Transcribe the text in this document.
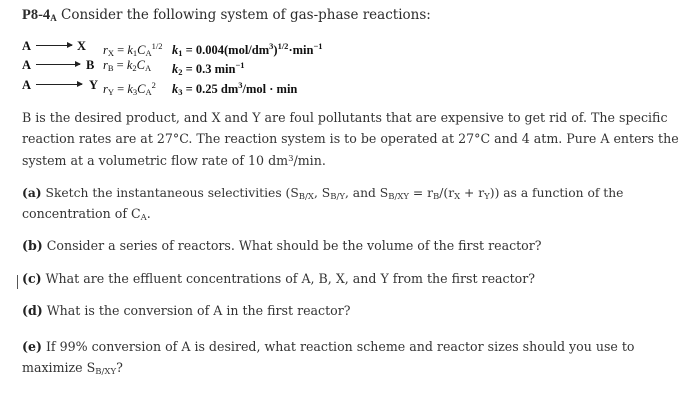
$P8-4_A$ Consider the following system of gas-phase reactions:
A → X $r_X = k_1C_A^{1/2}$ $k_1 = 0.004(mol/dm^3)^{1/2}\cdot\min^{-1}$
A → B $r_B = k_2C_A$ $k_2 = 0.3$ $\min^{-1}$
A → Y $r_Y = k_3C_A^2$ $k_3 = 0.25$ $dm^3$/mol · min
B is the desired product, and X and Y are foul pollutants that are expensive to get rid of. The specific
reaction rates are at 27°C. The reaction system is to be operated at 27°C and 4 atm. Pure A enters the
system at a volumetric flow rate of 10 $dm^3/\min$.
(a) Sketch the instantaneous selectivities ($S_{B/X}$, $S_{B/Y}$, and $S_{B/XY} = r_B/(r_X + r_Y)$) as a function of the
concentration of $C_A$.
(b) Consider a series of reactors. What should be the volume of the first reactor?
(c) What are the effluent concentrations of A, B, X, and Y from the first reactor?
(d) What is the conversion of A in the first reactor?
(e) If 99% conversion of A is desired, what reaction scheme and reactor sizes should you use to
maximize $S_{B/XY}$?
